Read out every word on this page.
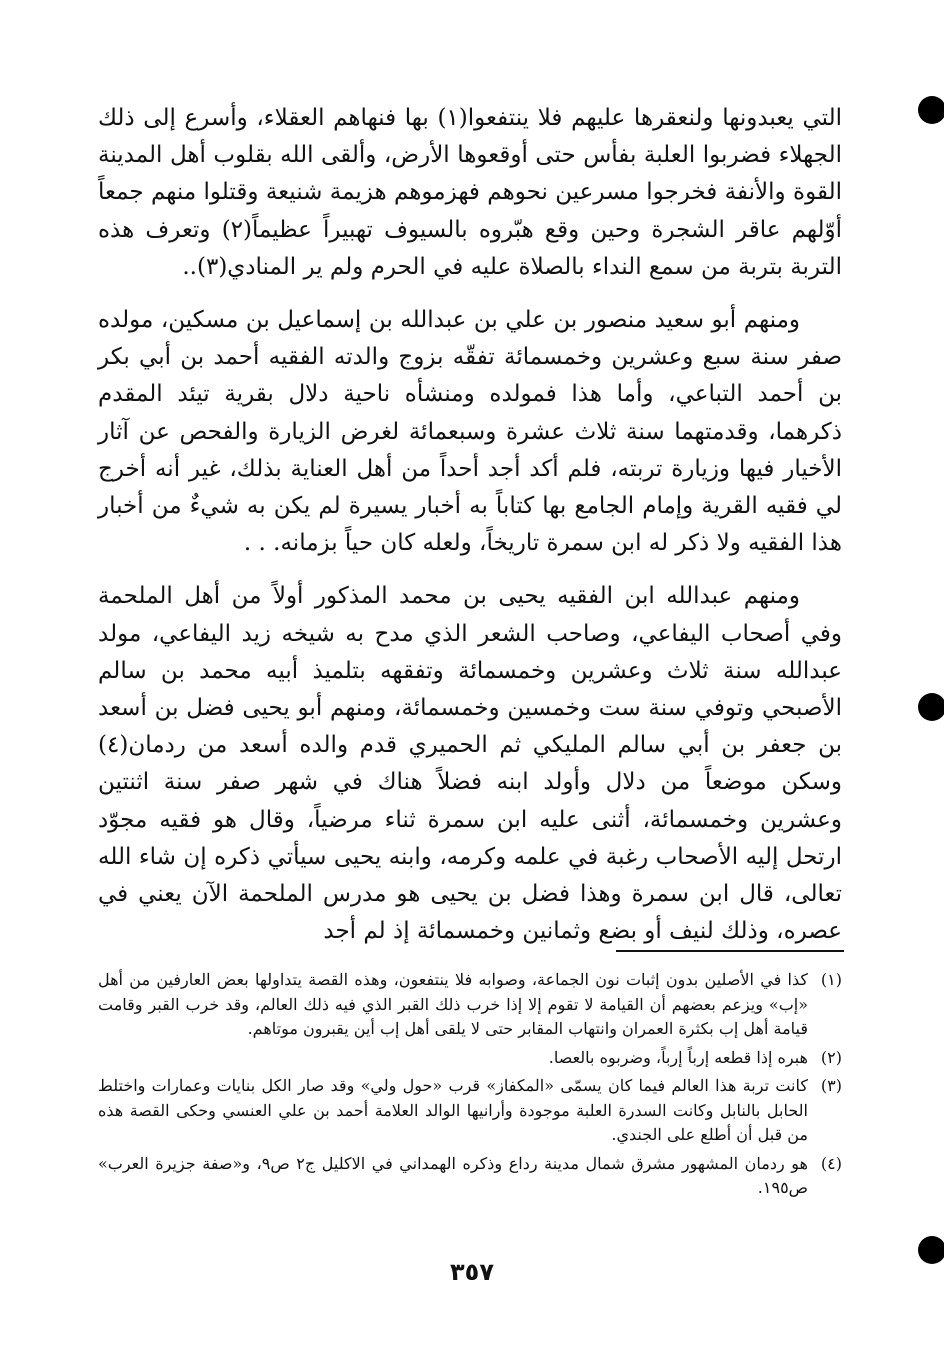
التي يعبدونها ولنعقرها عليهم فلا ينتفعوا(١) بها فنهاهم العقلاء، وأسرع إلى ذلك الجهلاء فضربوا العلبة بفأس حتى أوقعوها الأرض، وألقى الله بقلوب أهل المدينة القوة والأنفة فخرجوا مسرعين نحوهم فهزموهم هزيمة شنيعة وقتلوا منهم جمعاً أوّلهم عاقر الشجرة وحين وقع هبّروه بالسيوف تهبيراً عظيماً(٢) وتعرف هذه التربة بتربة من سمع النداء بالصلاة عليه في الحرم ولم ير المنادي(٣)..

ومنهم أبو سعيد منصور بن علي بن عبدالله بن إسماعيل بن مسكين، مولده صفر سنة سبع وعشرين وخمسمائة تفقّه بزوج والدته الفقيه أحمد بن أبي بكر بن أحمد التباعي، وأما هذا فمولده ومنشأه ناحية دلال بقرية تيئد المقدم ذكرهما، وقدمتهما سنة ثلاث عشرة وسبعمائة لغرض الزيارة والفحص عن آثار الأخيار فيها وزيارة تربته، فلم أكد أجد أحداً من أهل العناية بذلك، غير أنه أخرج لي فقيه القرية وإمام الجامع بها كتاباً به أخبار يسيرة لم يكن به شيءٌ من أخبار هذا الفقيه ولا ذكر له ابن سمرة تاريخاً، ولعله كان حياً بزمانه. . .

ومنهم عبدالله ابن الفقيه يحيى بن محمد المذكور أولاً من أهل الملحمة وفي أصحاب اليفاعي، وصاحب الشعر الذي مدح به شيخه زيد اليفاعي، مولد عبدالله سنة ثلاث وعشرين وخمسمائة وتفقهه بتلميذ أبيه محمد بن سالم الأصبحي وتوفي سنة ست وخمسين وخمسمائة، ومنهم أبو يحيى فضل بن أسعد بن جعفر بن أبي سالم المليكي ثم الحميري قدم والده أسعد من ردمان(٤) وسكن موضعاً من دلال وأولد ابنه فضلاً هناك في شهر صفر سنة اثنتين وعشرين وخمسمائة، أثنى عليه ابن سمرة ثناء مرضياً، وقال هو فقيه مجوّد ارتحل إليه الأصحاب رغبة في علمه وكرمه، وابنه يحيى سيأتي ذكره إن شاء الله تعالى، قال ابن سمرة وهذا فضل بن يحيى هو مدرس الملحمة الآن يعني في عصره، وذلك لنيف أو بضع وثمانين وخمسمائة إذ لم أجد

(١)
كذا في الأصلين بدون إثبات نون الجماعة، وصوابه فلا ينتفعون، وهذه القصة يتداولها بعض العارفين من أهل «إب» ويزعم بعضهم أن القيامة لا تقوم إلا إذا خرب ذلك القبر الذي فيه ذلك العالم، وقد خرب القبر وقامت قيامة أهل إب بكثرة العمران وانتهاب المقابر حتى لا يلقى أهل إب أين يقبرون موتاهم.
(٢)
هبره إذا قطعه إرباً إرباً، وضربوه بالعصا.
(٣)
كانت تربة هذا العالم فيما كان يسمّى «المكفاز» قرب «حول ولي» وقد صار الكل بنايات وعمارات واختلط الحابل بالنابل وكانت السدرة العلبة موجودة وأرانيها الوالد العلامة أحمد بن علي العنسي وحكى القصة هذه من قبل أن أطلع على الجندي.
(٤)
هو ردمان المشهور مشرق شمال مدينة رداع وذكره الهمداني في الاكليل ج٢ ص٩، و«صفة جزيرة العرب» ص١٩٥.
٣٥٧
